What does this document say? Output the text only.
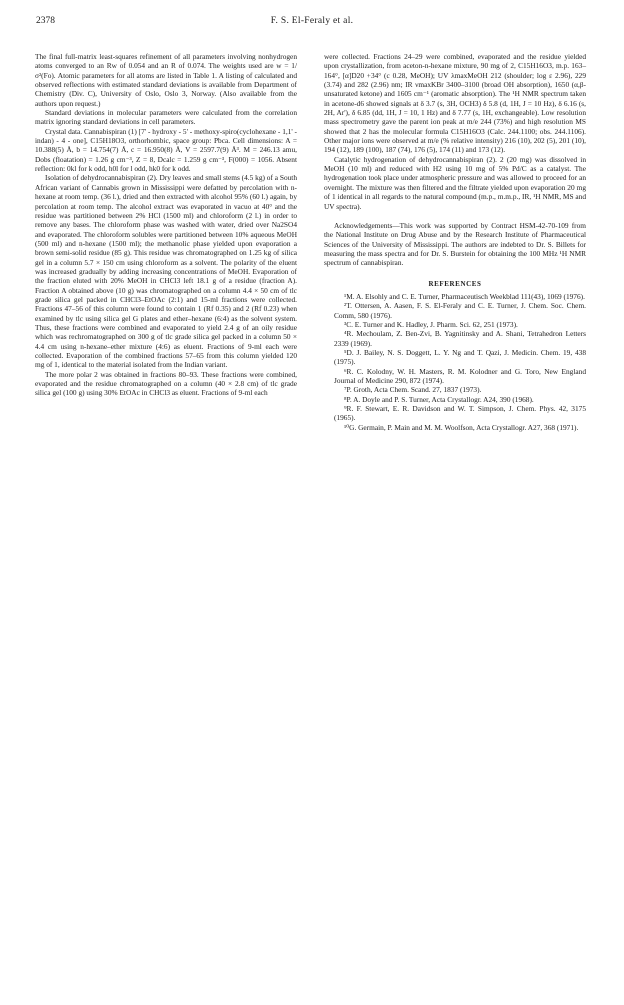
2378	F. S. El-Feraly et al.

The final full-matrix least-squares refinement of all parameters involving nonhydrogen atoms converged to an Rw of 0.054 and an R of 0.074. The weights used are w = 1/σ²(Fo). Atomic parameters for all atoms are listed in Table 1. A listing of calculated and observed reflections with estimated standard deviations is available from Department of Chemistry (Div. C), University of Oslo, Oslo 3, Norway. (Also available from the authors upon request.)

Standard deviations in molecular parameters were calculated from the correlation matrix ignoring standard deviations in cell parameters.

Crystal data. Cannabispiran (1) [7' - hydroxy - 5' - methoxy-spiro(cyclohexane - 1,1' - indan) - 4 - one], C15H18O3, orthorhombic, space group: Pbca. Cell dimensions: A = 10.388(5) Å, b = 14.754(7) Å, c = 16.950(8) Å, V = 2597.7(9) Å³. M = 246.13 amu, Dobs (floatation) = 1.26 g cm⁻³, Z = 8, Dcalc = 1.259 g cm⁻³, F(000) = 1056. Absent reflection: 0kl for k odd, h0l for l odd, hk0 for k odd.

Isolation of dehydrocannabispiran (2). Dry leaves and small stems (4.5 kg) of a South African variant of Cannabis grown in Mississippi were defatted by percolation with n-hexane at room temp. (36 l.), dried and then extracted with alcohol 95% (60 l.) again, by percolation at room temp. The alcohol extract was evaporated in vacuo at 40° and the residue was partitioned between 2% HCl (1500 ml) and chloroform (2 l.) in order to remove any bases. The chloroform phase was washed with water, dried over Na2SO4 and evaporated. The chloroform solubles were partitioned between 10% aqueous MeOH (500 ml) and n-hexane (1500 ml); the methanolic phase yielded upon evaporation a brown semi-solid residue (85 g). This residue was chromatographed on 1.25 kg of silica gel in a column 5.7 × 150 cm using chloroform as a solvent. The polarity of the eluent was increased gradually by adding increasing concentrations of MeOH. Evaporation of the fraction eluted with 20% MeOH in CHCl3 left 18.1 g of a residue (fraction A). Fraction A obtained above (10 g) was chromatographed on a column 4.4 × 50 cm of tlc grade silica gel packed in CHCl3–EtOAc (2:1) and 15-ml fractions were collected. Fractions 47–56 of this column were found to contain 1 (Rf 0.35) and 2 (Rf 0.23) when examined by tlc using silica gel G plates and ether–hexane (6:4) as the solvent system. Thus, these fractions were combined and evaporated to yield 2.4 g of an oily residue which was rechromatographed on 300 g of tlc grade silica gel packed in a column 50 × 4.4 cm using n-hexane–ether mixture (4:6) as eluent. Fractions of 9-ml each were collected. Evaporation of the combined fractions 57–65 from this column yielded 120 mg of 1, identical to the material isolated from the Indian variant.

The more polar 2 was obtained in fractions 80–93. These fractions were combined, evaporated and the residue chromatographed on a column (40 × 2.8 cm) of tlc grade silica gel (100 g) using 30% EtOAc in CHCl3 as eluent. Fractions of 9-ml each

were collected. Fractions 24–29 were combined, evaporated and the residue yielded upon crystallization, from aceton-n-hexane mixture, 90 mg of 2, C15H16O3, m.p. 163–164°, [α]D20 +34° (c 0.28, MeOH); UV λmaxMeOH 212 (shoulder; log ε 2.96), 229 (3.74) and 282 (2.96) nm; IR νmaxKBr 3400–3100 (broad OH absorption), 1650 (α,β-unsaturated ketone) and 1605 cm⁻¹ (aromatic absorption). The ¹H NMR spectrum taken in acetone-d6 showed signals at δ 3.7 (s, 3H, OCH3) δ 5.8 (d, 1H, J = 10 Hz), δ 6.16 (s, 2H, Ar'), δ 6.85 (dd, 1H, J = 10, 1 Hz) and δ 7.77 (s, 1H, exchangeable). Low resolution mass spectrometry gave the parent ion peak at m/e 244 (73%) and high resolution MS showed that 2 has the molecular formula C15H16O3 (Calc. 244.1100; obs. 244.1106). Other major ions were observed at m/e (% relative intensity) 216 (10), 202 (5), 201 (10), 194 (12), 189 (100), 187 (74), 176 (5), 174 (11) and 173 (12).

Catalytic hydrogenation of dehydrocannabispiran (2). 2 (20 mg) was dissolved in MeOH (10 ml) and reduced with H2 using 10 mg of 5% Pd/C as a catalyst. The hydrogenation took place under atmospheric pressure and was allowed to proceed for an overnight. The mixture was then filtered and the filtrate yielded upon evaporation 20 mg of 1 identical in all regards to the natural compound (m.p., m.m.p., IR, ¹H NMR, MS and UV spectra).

Acknowledgements—This work was supported by Contract HSM-42-70-109 from the National Institute on Drug Abuse and by the Research Institute of Pharmaceutical Sciences of the University of Mississippi. The authors are indebted to Dr. S. Billets for measuring the mass spectra and for Dr. S. Burstein for obtaining the 100 MHz ¹H NMR spectrum of cannabispiran.

REFERENCES

¹M. A. Elsohly and C. E. Turner, Pharmaceutisch Weekblad 111(43), 1069 (1976).

²T. Ottersen, A. Aasen, F. S. El-Feraly and C. E. Turner, J. Chem. Soc. Chem. Comm, 580 (1976).

³C. E. Turner and K. Hadley, J. Pharm. Sci. 62, 251 (1973).

⁴R. Mechoulam, Z. Ben-Zvi, B. Yagnitinsky and A. Shani, Tetrahedron Letters 2339 (1969).

⁵D. J. Bailey, N. S. Doggett, L. Y. Ng and T. Qazi, J. Medicin. Chem. 19, 438 (1975).

⁶R. C. Kolodny, W. H. Masters, R. M. Kolodner and G. Toro, New England Journal of Medicine 290, 872 (1974).

⁷P. Groth, Acta Chem. Scand. 27, 1837 (1973).

⁸P. A. Doyle and P. S. Turner, Acta Crystallogr. A24, 390 (1968).

⁹R. F. Stewart, E. R. Davidson and W. T. Simpson, J. Chem. Phys. 42, 3175 (1965).

¹⁰G. Germain, P. Main and M. M. Woolfson, Acta Crystallogr. A27, 368 (1971).
